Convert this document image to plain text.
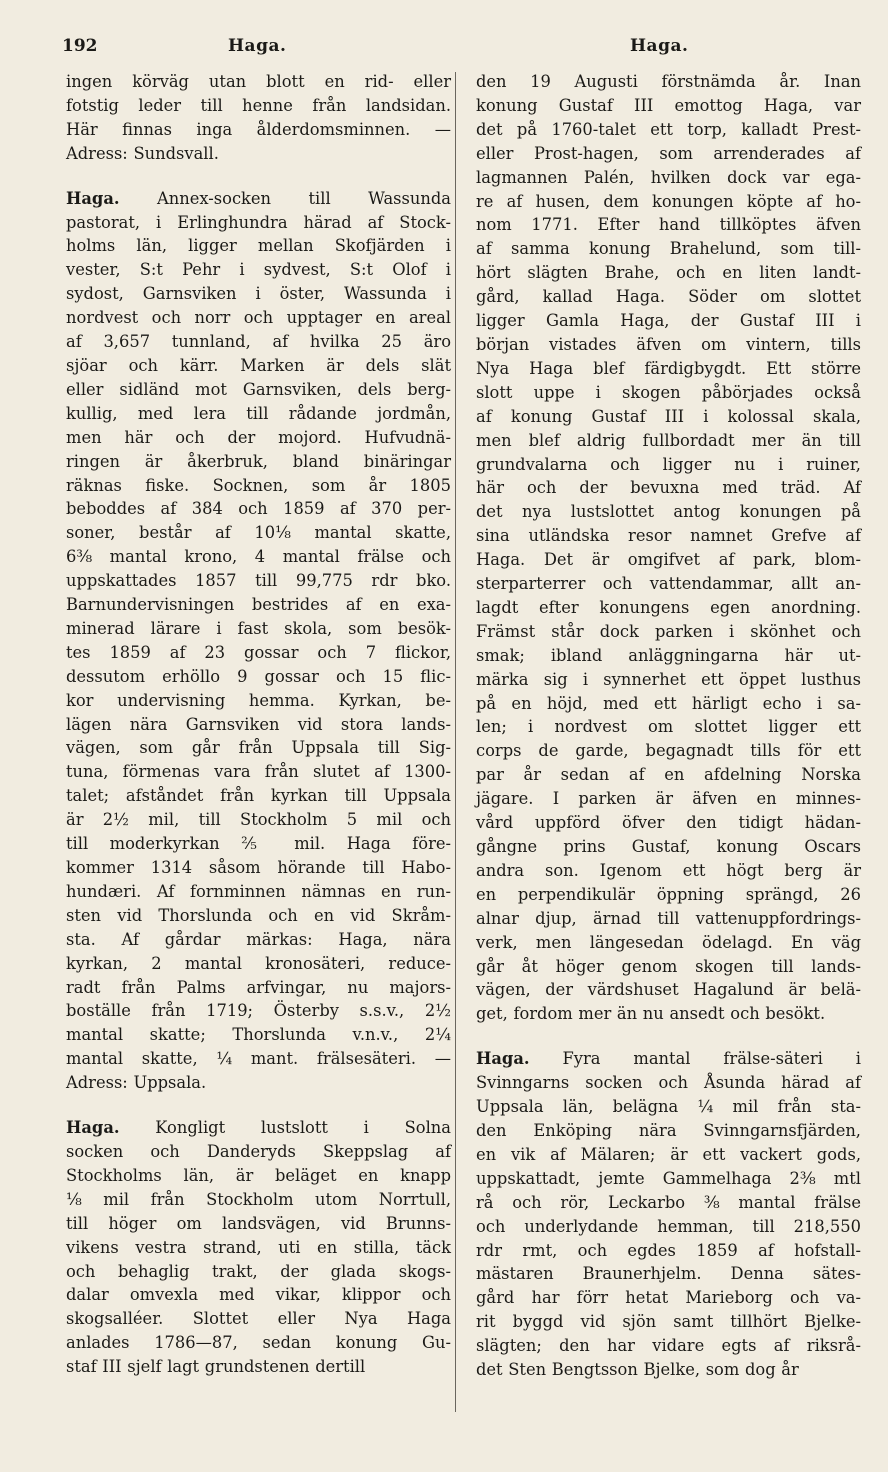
192	Haga.	Haga.

ingen körväg utan blott en rid- eller
fotstig leder till henne från landsidan.
Här finnas inga ålderdomsminnen. —
Adress: Sundsvall.

Haga. Annex-socken till Wassunda
pastorat, i Erlinghundra härad af Stock-
holms län, ligger mellan Skofjärden i
vester, S:t Pehr i sydvest, S:t Olof i
sydost, Garnsviken i öster, Wassunda i
nordvest och norr och upptager en areal
af 3,657 tunnland, af hvilka 25 äro
sjöar och kärr. Marken är dels slät
eller sidländ mot Garnsviken, dels berg-
kullig, med lera till rådande jordmån,
men här och der mojord. Hufvudnä-
ringen är åkerbruk, bland binäringar
räknas fiske. Socknen, som år 1805
beboddes af 384 och 1859 af 370 per-
soner, består af 10⅛ mantal skatte,
6⅜ mantal krono, 4 mantal frälse och
uppskattades 1857 till 99,775 rdr bko.
Barnundervisningen bestrides af en exa-
minerad lärare i fast skola, som besök-
tes 1859 af 23 gossar och 7 flickor,
dessutom erhöllo 9 gossar och 15 flic-
kor undervisning hemma. Kyrkan, be-
lägen nära Garnsviken vid stora lands-
vägen, som går från Uppsala till Sig-
tuna, förmenas vara från slutet af 1300-
talet; afståndet från kyrkan till Uppsala
är 2½ mil, till Stockholm 5 mil och
till moderkyrkan ⅖ mil. Haga före-
kommer 1314 såsom hörande till Habo-
hundæri. Af fornminnen nämnas en run-
sten vid Thorslunda och en vid Skråm-
sta. Af gårdar märkas: Haga, nära
kyrkan, 2 mantal kronosäteri, reduce-
radt från Palms arfvingar, nu majors-
boställe från 1719; Österby s.s.v., 2½
mantal skatte; Thorslunda v.n.v., 2¼
mantal skatte, ¼ mant. frälsesäteri. —
Adress: Uppsala.

Haga. Kongligt lustslott i Solna
socken och Danderyds Skeppslag af
Stockholms län, är beläget en knapp
⅛ mil från Stockholm utom Norrtull,
till höger om landsvägen, vid Brunns-
vikens vestra strand, uti en stilla, täck
och behaglig trakt, der glada skogs-
dalar omvexla med vikar, klippor och
skogsalléer. Slottet eller Nya Haga
anlades 1786—87, sedan konung Gu-
staf III sjelf lagt grundstenen dertill

den 19 Augusti förstnämda år. Inan
konung Gustaf III emottog Haga, var
det på 1760-talet ett torp, kalladt Prest-
eller Prost-hagen, som arrenderades af
lagmannen Palén, hvilken dock var ega-
re af husen, dem konungen köpte af ho-
nom 1771. Efter hand tillköptes äfven
af samma konung Brahelund, som till-
hört slägten Brahe, och en liten landt-
gård, kallad Haga. Söder om slottet
ligger Gamla Haga, der Gustaf III i
början vistades äfven om vintern, tills
Nya Haga blef färdigbygdt. Ett större
slott uppe i skogen påbörjades också
af konung Gustaf III i kolossal skala,
men blef aldrig fullbordadt mer än till
grundvalarna och ligger nu i ruiner,
här och der bevuxna med träd. Af
det nya lustslottet antog konungen på
sina utländska resor namnet Grefve af
Haga. Det är omgifvet af park, blom-
sterparterrer och vattendammar, allt an-
lagdt efter konungens egen anordning.
Främst står dock parken i skönhet och
smak; ibland anläggningarna här ut-
märka sig i synnerhet ett öppet lusthus
på en höjd, med ett härligt echo i sa-
len; i nordvest om slottet ligger ett
corps de garde, begagnadt tills för ett
par år sedan af en afdelning Norska
jägare. I parken är äfven en minnes-
vård uppförd öfver den tidigt hädan-
gångne prins Gustaf, konung Oscars
andra son. Igenom ett högt berg är
en perpendikulär öppning sprängd, 26
alnar djup, ärnad till vattenuppfordrings-
verk, men längesedan ödelagd. En väg
går åt höger genom skogen till lands-
vägen, der värdshuset Hagalund är belä-
get, fordom mer än nu ansedt och besökt.

Haga. Fyra mantal frälse-säteri i
Svinngarns socken och Åsunda härad af
Uppsala län, belägna ¼ mil från sta-
den Enköping nära Svinngarnsfjärden,
en vik af Mälaren; är ett vackert gods,
uppskattadt, jemte Gammelhaga 2⅜ mtl
rå och rör, Leckarbo ⅜ mantal frälse
och underlydande hemman, till 218,550
rdr rmt, och egdes 1859 af hofstall-
mästaren Braunerhjelm. Denna sätes-
gård har förr hetat Marieborg och va-
rit byggd vid sjön samt tillhört Bjelke-
slägten; den har vidare egts af riksrå-
det Sten Bengtsson Bjelke, som dog år
